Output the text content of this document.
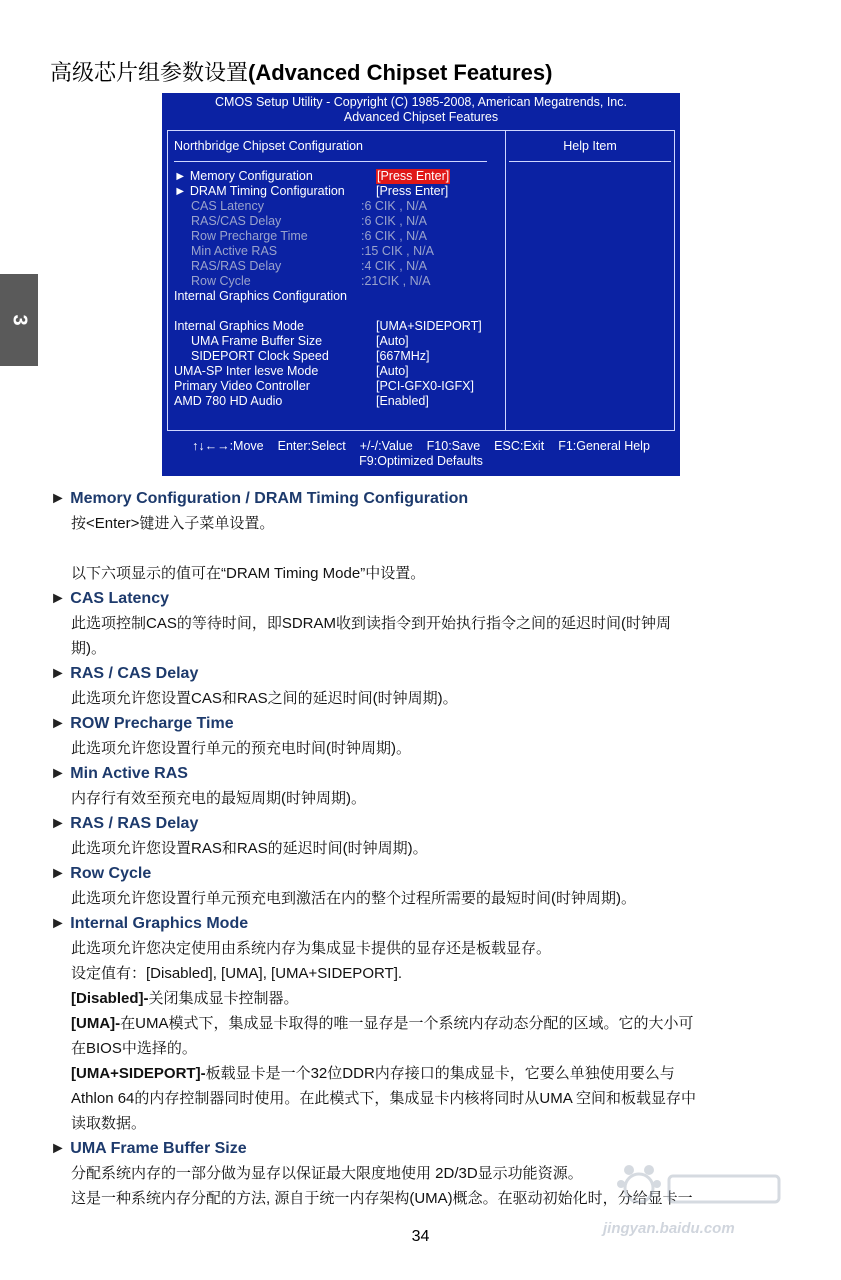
高级芯片组参数设置(Advanced Chipset Features)
3
CMOS Setup Utility - Copyright (C) 1985-2008, American Megatrends, Inc.
Advanced Chipset Features
Northbridge Chipset Configuration	Help Item
► Memory Configuration	[Press Enter]
► DRAM Timing Configuration [Press Enter]
CAS Latency	:6 CIK , N/A
RAS/CAS Delay	:6 CIK , N/A
Row Precharge Time	:6 CIK , N/A
Min Active RAS	:15 CIK , N/A
RAS/RAS Delay	:4 CIK , N/A
Row Cycle	:21CIK , N/A
Internal Graphics Configuration
Internal Graphics Mode	[UMA+SIDEPORT]
UMA Frame Buffer Size	[Auto]
SIDEPORT Clock Speed	[667MHz]
UMA-SP Inter lesve Mode	[Auto]
Primary Video Controller	[PCI-GFX0-IGFX]
AMD 780 HD Audio	[Enabled]
↑↓←→:Move Enter:Select +/-/:Value F10:Save ESC:Exit F1:General Help
F9:Optimized Defaults
► Memory Configuration / DRAM Timing Configuration
按<Enter>键进入子菜单设置。
以下六项显示的值可在“DRAM Timing Mode”中设置。
► CAS Latency
此选项控制CAS的等待时间，即SDRAM收到读指令到开始执行指令之间的延迟时间(时钟周
期)。
► RAS / CAS Delay
此选项允许您设置CAS和RAS之间的延迟时间(时钟周期)。
► ROW Precharge Time
此选项允许您设置行单元的预充电时间(时钟周期)。
► Min Active RAS
内存行有效至预充电的最短周期(时钟周期)。
► RAS / RAS Delay
此选项允许您设置RAS和RAS的延迟时间(时钟周期)。
► Row Cycle
此选项允许您设置行单元预充电到激活在内的整个过程所需要的最短时间(时钟周期)。
► Internal Graphics Mode
此选项允许您决定使用由系统内存为集成显卡提供的显存还是板载显存。
设定值有：[Disabled], [UMA], [UMA+SIDEPORT].
[Disabled]-关闭集成显卡控制器。
[UMA]-在UMA模式下，集成显卡取得的唯一显存是一个系统内存动态分配的区域。它的大小可
在BIOS中选择的。
[UMA+SIDEPORT]-板载显卡是一个32位DDR内存接口的集成显卡，它要么单独使用要么与
Athlon 64的内存控制器同时使用。在此模式下，集成显卡内核将同时从UMA 空间和板载显存中
读取数据。
► UMA Frame Buffer Size
分配系统内存的一部分做为显存以保证最大限度地使用 2D/3D显示功能资源。
这是一种系统内存分配的方法, 源自于统一内存架构(UMA)概念。在驱动初始化时，分给显卡一
34	jingyan.baidu.com
